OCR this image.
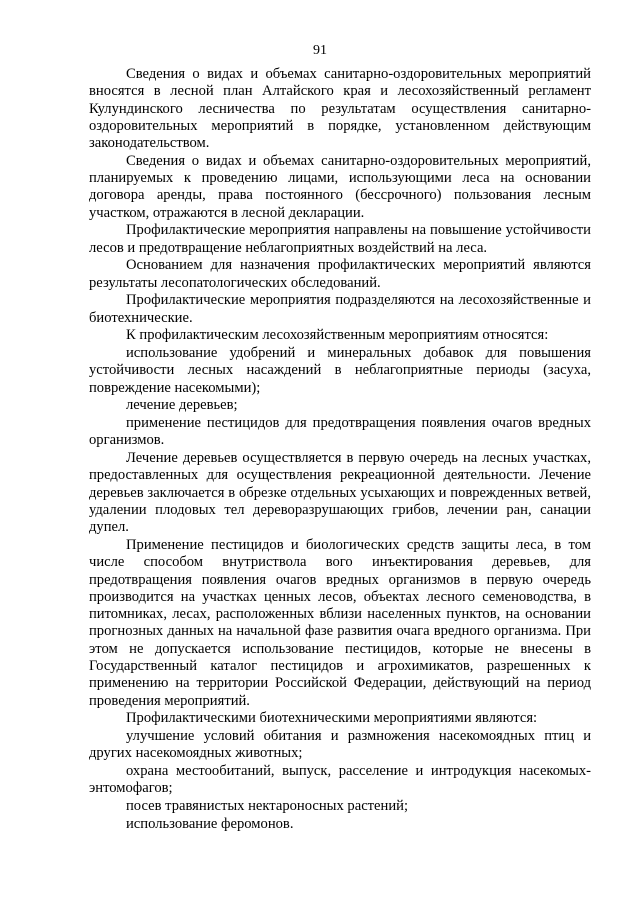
91

Сведения о видах и объемах санитарно-оздоровительных мероприятий вносятся в лесной план Алтайского края и лесохозяйственный регламент Кулундинского лесничества по результатам осуществления санитарно-оздоровительных мероприятий в порядке, установленном действующим законодательством.

Сведения о видах и объемах санитарно-оздоровительных мероприятий, планируемых к проведению лицами, использующими леса на основании договора аренды, права постоянного (бессрочного) пользования лесным участком, отражаются в лесной декларации.

Профилактические мероприятия направлены на повышение устойчивости лесов и предотвращение неблагоприятных воздействий на леса.

Основанием для назначения профилактических мероприятий являются результаты лесопатологических обследований.

Профилактические мероприятия подразделяются на лесохозяйственные и биотехнические.

К профилактическим лесохозяйственным мероприятиям относятся:

использование удобрений и минеральных добавок для повышения устойчивости лесных насаждений в неблагоприятные периоды (засуха, повреждение насекомыми);

лечение деревьев;

применение пестицидов для предотвращения появления очагов вредных организмов.

Лечение деревьев осуществляется в первую очередь на лесных участках, предоставленных для осуществления рекреационной деятельности. Лечение деревьев заключается в обрезке отдельных усыхающих и поврежденных ветвей, удалении плодовых тел дереворазрушающих грибов, лечении ран, санации дупел.

Применение пестицидов и биологических средств защиты леса, в том числе способом внутриствола вого инъектирования деревьев, для предотвращения появления очагов вредных организмов в первую очередь производится на участках ценных лесов, объектах лесного семеноводства, в питомниках, лесах, расположенных вблизи населенных пунктов, на основании прогнозных данных на начальной фазе развития очага вредного организма. При этом не допускается использование пестицидов, которые не внесены в Государственный каталог пестицидов и агрохимикатов, разрешенных к применению на территории Российской Федерации, действующий на период проведения мероприятий.

Профилактическими биотехническими мероприятиями являются:

улучшение условий обитания и размножения насекомоядных птиц и других насекомоядных животных;

охрана местообитаний, выпуск, расселение и интродукция насекомых-энтомофагов;

посев травянистых нектароносных растений;

использование феромонов.
